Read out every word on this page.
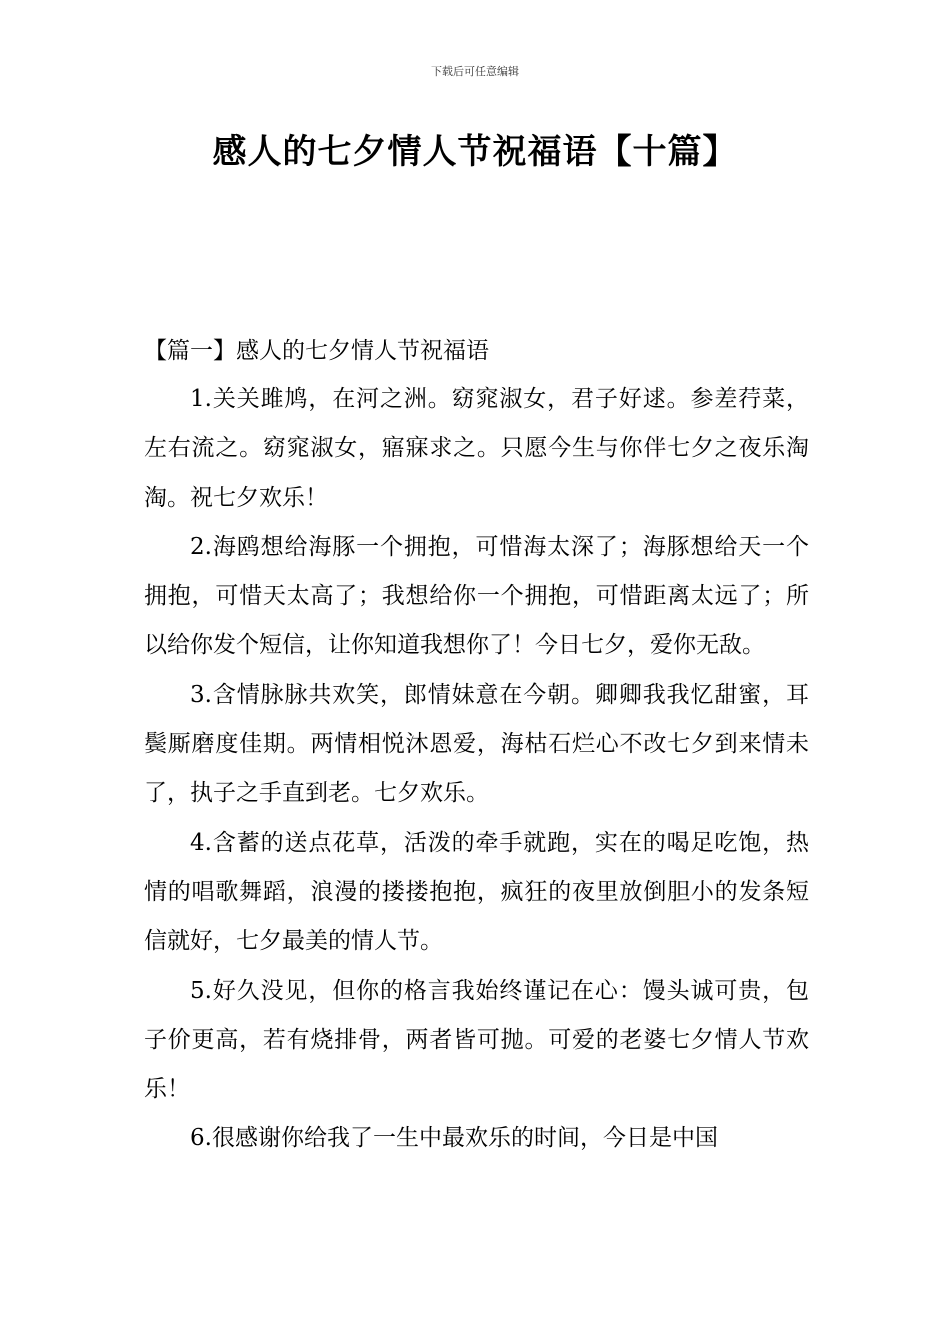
下载后可任意编辑
感人的七夕情人节祝福语【十篇】

【篇一】感人的七夕情人节祝福语

1.关关雎鸠，在河之洲。窈窕淑女，君子好逑。参差荇菜，左右流之。窈窕淑女，寤寐求之。只愿今生与你伴七夕之夜乐淘淘。祝七夕欢乐！

2.海鸥想给海豚一个拥抱，可惜海太深了；海豚想给天一个拥抱，可惜天太高了；我想给你一个拥抱，可惜距离太远了；所以给你发个短信，让你知道我想你了！今日七夕，爱你无敌。

3.含情脉脉共欢笑，郎情妹意在今朝。卿卿我我忆甜蜜，耳鬓厮磨度佳期。两情相悦沐恩爱，海枯石烂心不改七夕到来情未了，执子之手直到老。七夕欢乐。

4.含蓄的送点花草，活泼的牵手就跑，实在的喝足吃饱，热情的唱歌舞蹈，浪漫的搂搂抱抱，疯狂的夜里放倒胆小的发条短信就好，七夕最美的情人节。

5.好久没见，但你的格言我始终谨记在心：馒头诚可贵，包子价更高，若有烧排骨，两者皆可抛。可爱的老婆七夕情人节欢乐！

6.很感谢你给我了一生中最欢乐的时间，今日是中国
